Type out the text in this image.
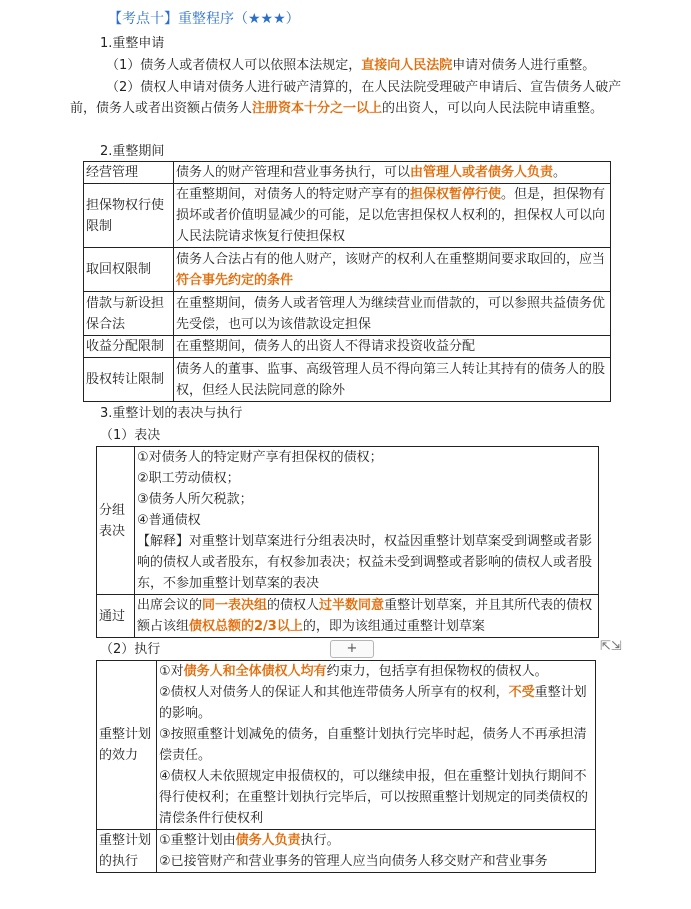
【考点十】重整程序（★★★）
1.重整申请
（1）债务人或者债权人可以依照本法规定，直接向人民法院申请对债务人进行重整。
（2）债权人申请对债务人进行破产清算的，在人民法院受理破产申请后、宣告债务人破产前，债务人或者出资额占债务人注册资本十分之一以上的出资人，可以向人民法院申请重整。
2.重整期间
经营管理	债务人的财产管理和营业事务执行，可以由管理人或者债务人负责。
担保物权行使限制	在重整期间，对债务人的特定财产享有的担保权暂停行使。但是，担保物有损坏或者价值明显减少的可能，足以危害担保权人权利的，担保权人可以向人民法院请求恢复行使担保权
取回权限制	债务人合法占有的他人财产，该财产的权利人在重整期间要求取回的，应当符合事先约定的条件
借款与新设担保合法	在重整期间，债务人或者管理人为继续营业而借款的，可以参照共益债务优先受偿，也可以为该借款设定担保
收益分配限制	在重整期间，债务人的出资人不得请求投资收益分配
股权转让限制	债务人的董事、监事、高级管理人员不得向第三人转让其持有的债务人的股权，但经人民法院同意的除外
3.重整计划的表决与执行
（1）表决
分组表决	①对债务人的特定财产享有担保权的债权；
②职工劳动债权；
③债务人所欠税款；
④普通债权
【解释】对重整计划草案进行分组表决时，权益因重整计划草案受到调整或者影响的债权人或者股东，有权参加表决；权益未受到调整或者影响的债权人或者股东，不参加重整计划草案的表决

通过	出席会议的同一表决组的债权人过半数同意重整计划草案，并且其所代表的债权额占该组债权总额的2/3以上的，即为该组通过重整计划草案
+	⇱⇲
（2）执行
重整计划的效力	①对债务人和全体债权人均有约束力，包括享有担保物权的债权人。
②债权人对债务人的保证人和其他连带债务人所享有的权利，不受重整计划的影响。
③按照重整计划减免的债务，自重整计划执行完毕时起，债务人不再承担清偿责任。
④债权人未依照规定申报债权的，可以继续申报，但在重整计划执行期间不得行使权利；在重整计划执行完毕后，可以按照重整计划规定的同类债权的清偿条件行使权利

重整计划的执行	①重整计划由债务人负责执行。
②已接管财产和营业事务的管理人应当向债务人移交财产和营业事务
